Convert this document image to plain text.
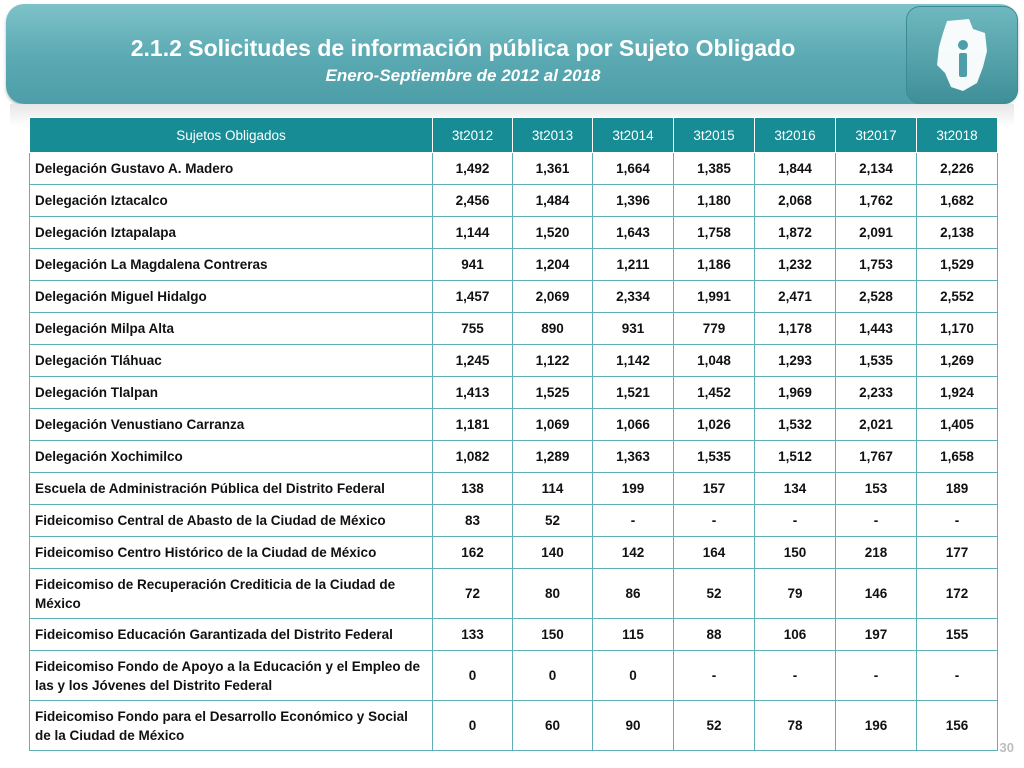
2.1.2 Solicitudes de información pública por Sujeto Obligado
Enero-Septiembre de 2012 al 2018
Sujetos Obligados	3t2012	3t2013	3t2014	3t2015	3t2016	3t2017	3t2018
Delegación Gustavo A. Madero	1,492	1,361	1,664	1,385	1,844	2,134	2,226
Delegación Iztacalco	2,456	1,484	1,396	1,180	2,068	1,762	1,682
Delegación Iztapalapa	1,144	1,520	1,643	1,758	1,872	2,091	2,138
Delegación La Magdalena Contreras	941	1,204	1,211	1,186	1,232	1,753	1,529
Delegación Miguel Hidalgo	1,457	2,069	2,334	1,991	2,471	2,528	2,552
Delegación Milpa Alta	755	890	931	779	1,178	1,443	1,170
Delegación Tláhuac	1,245	1,122	1,142	1,048	1,293	1,535	1,269
Delegación Tlalpan	1,413	1,525	1,521	1,452	1,969	2,233	1,924
Delegación Venustiano Carranza	1,181	1,069	1,066	1,026	1,532	2,021	1,405
Delegación Xochimilco	1,082	1,289	1,363	1,535	1,512	1,767	1,658
Escuela de Administración Pública del Distrito Federal	138	114	199	157	134	153	189
Fideicomiso Central de Abasto de la Ciudad de México	83	52	-	-	-	-	-
Fideicomiso Centro Histórico de la Ciudad de México	162	140	142	164	150	218	177
Fideicomiso de Recuperación Crediticia de la Ciudad de México	72	80	86	52	79	146	172
Fideicomiso Educación Garantizada del Distrito Federal	133	150	115	88	106	197	155
Fideicomiso Fondo de Apoyo a la Educación y el Empleo de las y los Jóvenes del Distrito Federal	0	0	0	-	-	-	-
Fideicomiso Fondo para el Desarrollo Económico y Social de la Ciudad de México	0	60	90	52	78	196	156
30
